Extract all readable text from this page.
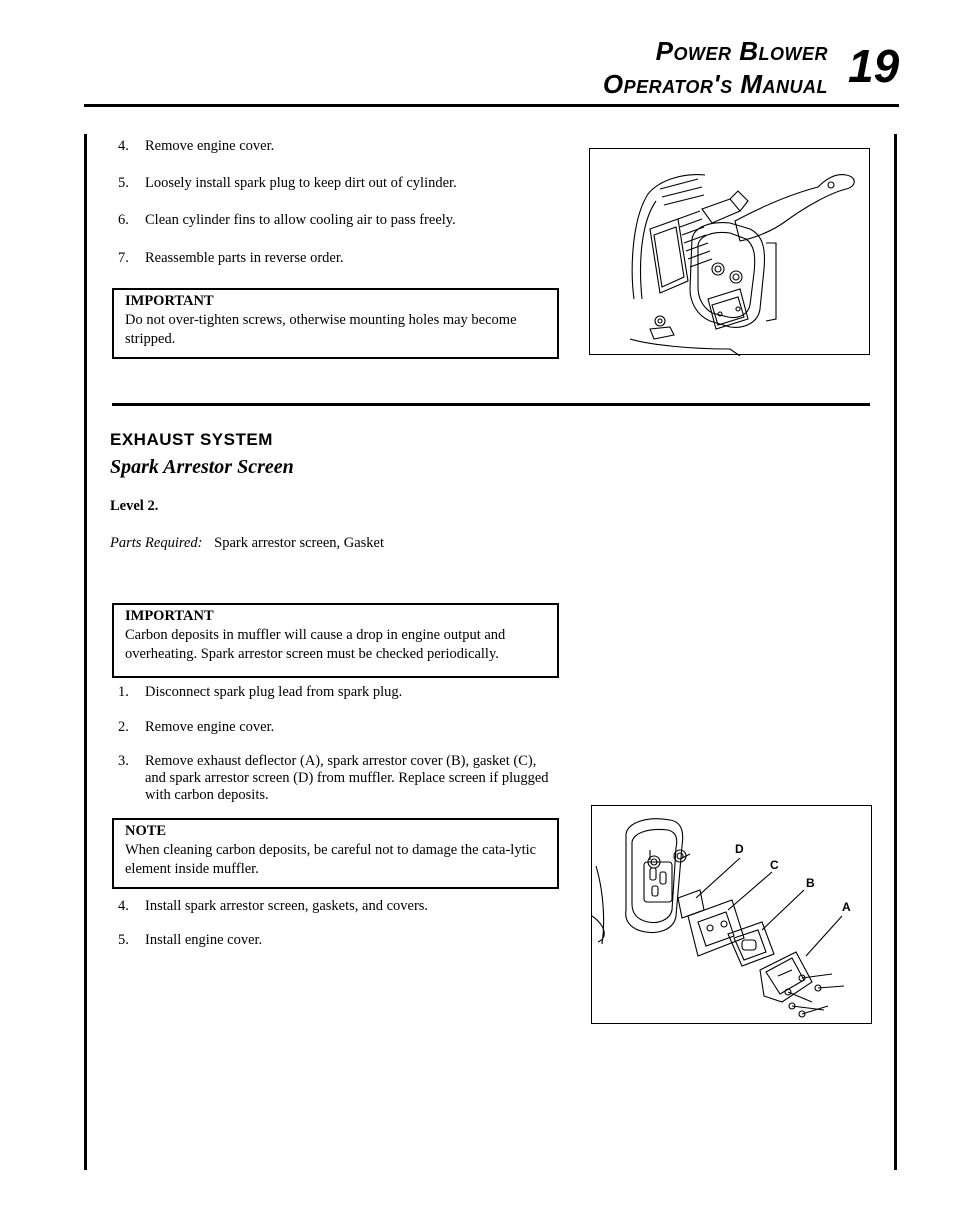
Power Blower
Operator's Manual 19
4. Remove engine cover.
5. Loosely install spark plug to keep dirt out of cylinder.
6. Clean cylinder fins to allow cooling air to pass freely.
7. Reassemble parts in reverse order.
IMPORTANT
Do not over-tighten screws, otherwise mounting holes may become stripped.
EXHAUST SYSTEM
Spark Arrestor Screen
Level 2.
Parts Required: Spark arrestor screen, Gasket
IMPORTANT
Carbon deposits in muffler will cause a drop in engine output and overheating. Spark arrestor screen must be checked periodically.
1. Disconnect spark plug lead from spark plug.
2. Remove engine cover.
3. Remove exhaust deflector (A), spark arrestor cover (B), gasket (C), and spark arrestor screen (D) from muffler. Replace screen if plugged with carbon deposits.
NOTE
When cleaning carbon deposits, be careful not to damage the cata-lytic element inside muffler.
4. Install spark arrestor screen, gaskets, and covers.
5. Install engine cover.
D
C
B
A
